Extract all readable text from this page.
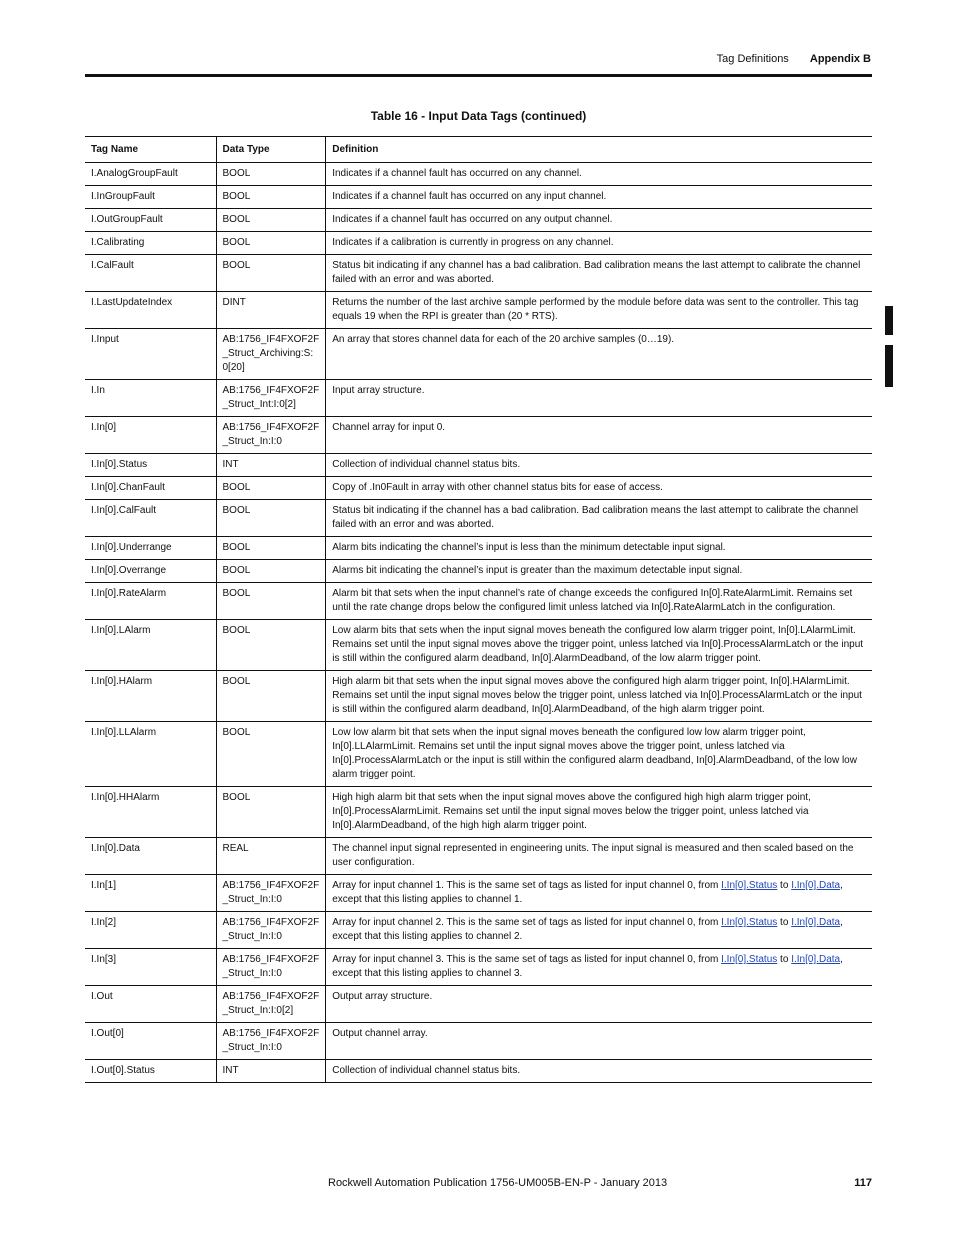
Tag Definitions Appendix B
Table 16 - Input Data Tags (continued)
Tag Name	Data Type	Definition
I.AnalogGroupFault	BOOL	Indicates if a channel fault has occurred on any channel.
I.InGroupFault	BOOL	Indicates if a channel fault has occurred on any input channel.
I.OutGroupFault	BOOL	Indicates if a channel fault has occurred on any output channel.
I.Calibrating	BOOL	Indicates if a calibration is currently in progress on any channel.
I.CalFault	BOOL	Status bit indicating if any channel has a bad calibration. Bad calibration means the last attempt to calibrate the channel failed with an error and was aborted.
I.LastUpdateIndex	DINT	Returns the number of the last archive sample performed by the module before data was sent to the controller. This tag equals 19 when the RPI is greater than (20 * RTS).
I.Input	AB:1756_IF4FXOF2F _Struct_Archiving:S: 0[20]	An array that stores channel data for each of the 20 archive samples (0…19).
I.In	AB:1756_IF4FXOF2F _Struct_Int:I:0[2]	Input array structure.
I.In[0]	AB:1756_IF4FXOF2F _Struct_In:I:0	Channel array for input 0.
I.In[0].Status	INT	Collection of individual channel status bits.
I.In[0].ChanFault	BOOL	Copy of .In0Fault in array with other channel status bits for ease of access.
I.In[0].CalFault	BOOL	Status bit indicating if the channel has a bad calibration. Bad calibration means the last attempt to calibrate the channel failed with an error and was aborted.
I.In[0].Underrange	BOOL	Alarm bits indicating the channel’s input is less than the minimum detectable input signal.
I.In[0].Overrange	BOOL	Alarms bit indicating the channel’s input is greater than the maximum detectable input signal.
I.In[0].RateAlarm	BOOL	Alarm bit that sets when the input channel’s rate of change exceeds the configured In[0].RateAlarmLimit. Remains set until the rate change drops below the configured limit unless latched via In[0].RateAlarmLatch in the configuration.
I.In[0].LAlarm	BOOL	Low alarm bits that sets when the input signal moves beneath the configured low alarm trigger point, In[0].LAlarmLimit. Remains set until the input signal moves above the trigger point, unless latched via In[0].ProcessAlarmLatch or the input is still within the configured alarm deadband, In[0].AlarmDeadband, of the low alarm trigger point.
I.In[0].HAlarm	BOOL	High alarm bit that sets when the input signal moves above the configured high alarm trigger point, In[0].HAlarmLimit. Remains set until the input signal moves below the trigger point, unless latched via In[0].ProcessAlarmLatch or the input is still within the configured alarm deadband, In[0].AlarmDeadband, of the high alarm trigger point.
I.In[0].LLAlarm	BOOL	Low low alarm bit that sets when the input signal moves beneath the configured low low alarm trigger point, In[0].LLAlarmLimit. Remains set until the input signal moves above the trigger point, unless latched via In[0].ProcessAlarmLatch or the input is still within the configured alarm deadband, In[0].AlarmDeadband, of the low low alarm trigger point.
I.In[0].HHAlarm	BOOL	High high alarm bit that sets when the input signal moves above the configured high high alarm trigger point, In[0].ProcessAlarmLimit. Remains set until the input signal moves below the trigger point, unless latched via In[0].AlarmDeadband, of the high high alarm trigger point.
I.In[0].Data	REAL	The channel input signal represented in engineering units. The input signal is measured and then scaled based on the user configuration.
I.In[1]	AB:1756_IF4FXOF2F _Struct_In:I:0	Array for input channel 1. This is the same set of tags as listed for input channel 0, from I.In[0].Status to I.In[0].Data, except that this listing applies to channel 1.
I.In[2]	AB:1756_IF4FXOF2F _Struct_In:I:0	Array for input channel 2. This is the same set of tags as listed for input channel 0, from I.In[0].Status to I.In[0].Data, except that this listing applies to channel 2.
I.In[3]	AB:1756_IF4FXOF2F _Struct_In:I:0	Array for input channel 3. This is the same set of tags as listed for input channel 0, from I.In[0].Status to I.In[0].Data, except that this listing applies to channel 3.
I.Out	AB:1756_IF4FXOF2F _Struct_In:I:0[2]	Output array structure.
I.Out[0]	AB:1756_IF4FXOF2F _Struct_In:I:0	Output channel array.
I.Out[0].Status	INT	Collection of individual channel status bits.
Rockwell Automation Publication 1756-UM005B-EN-P - January 2013	117
